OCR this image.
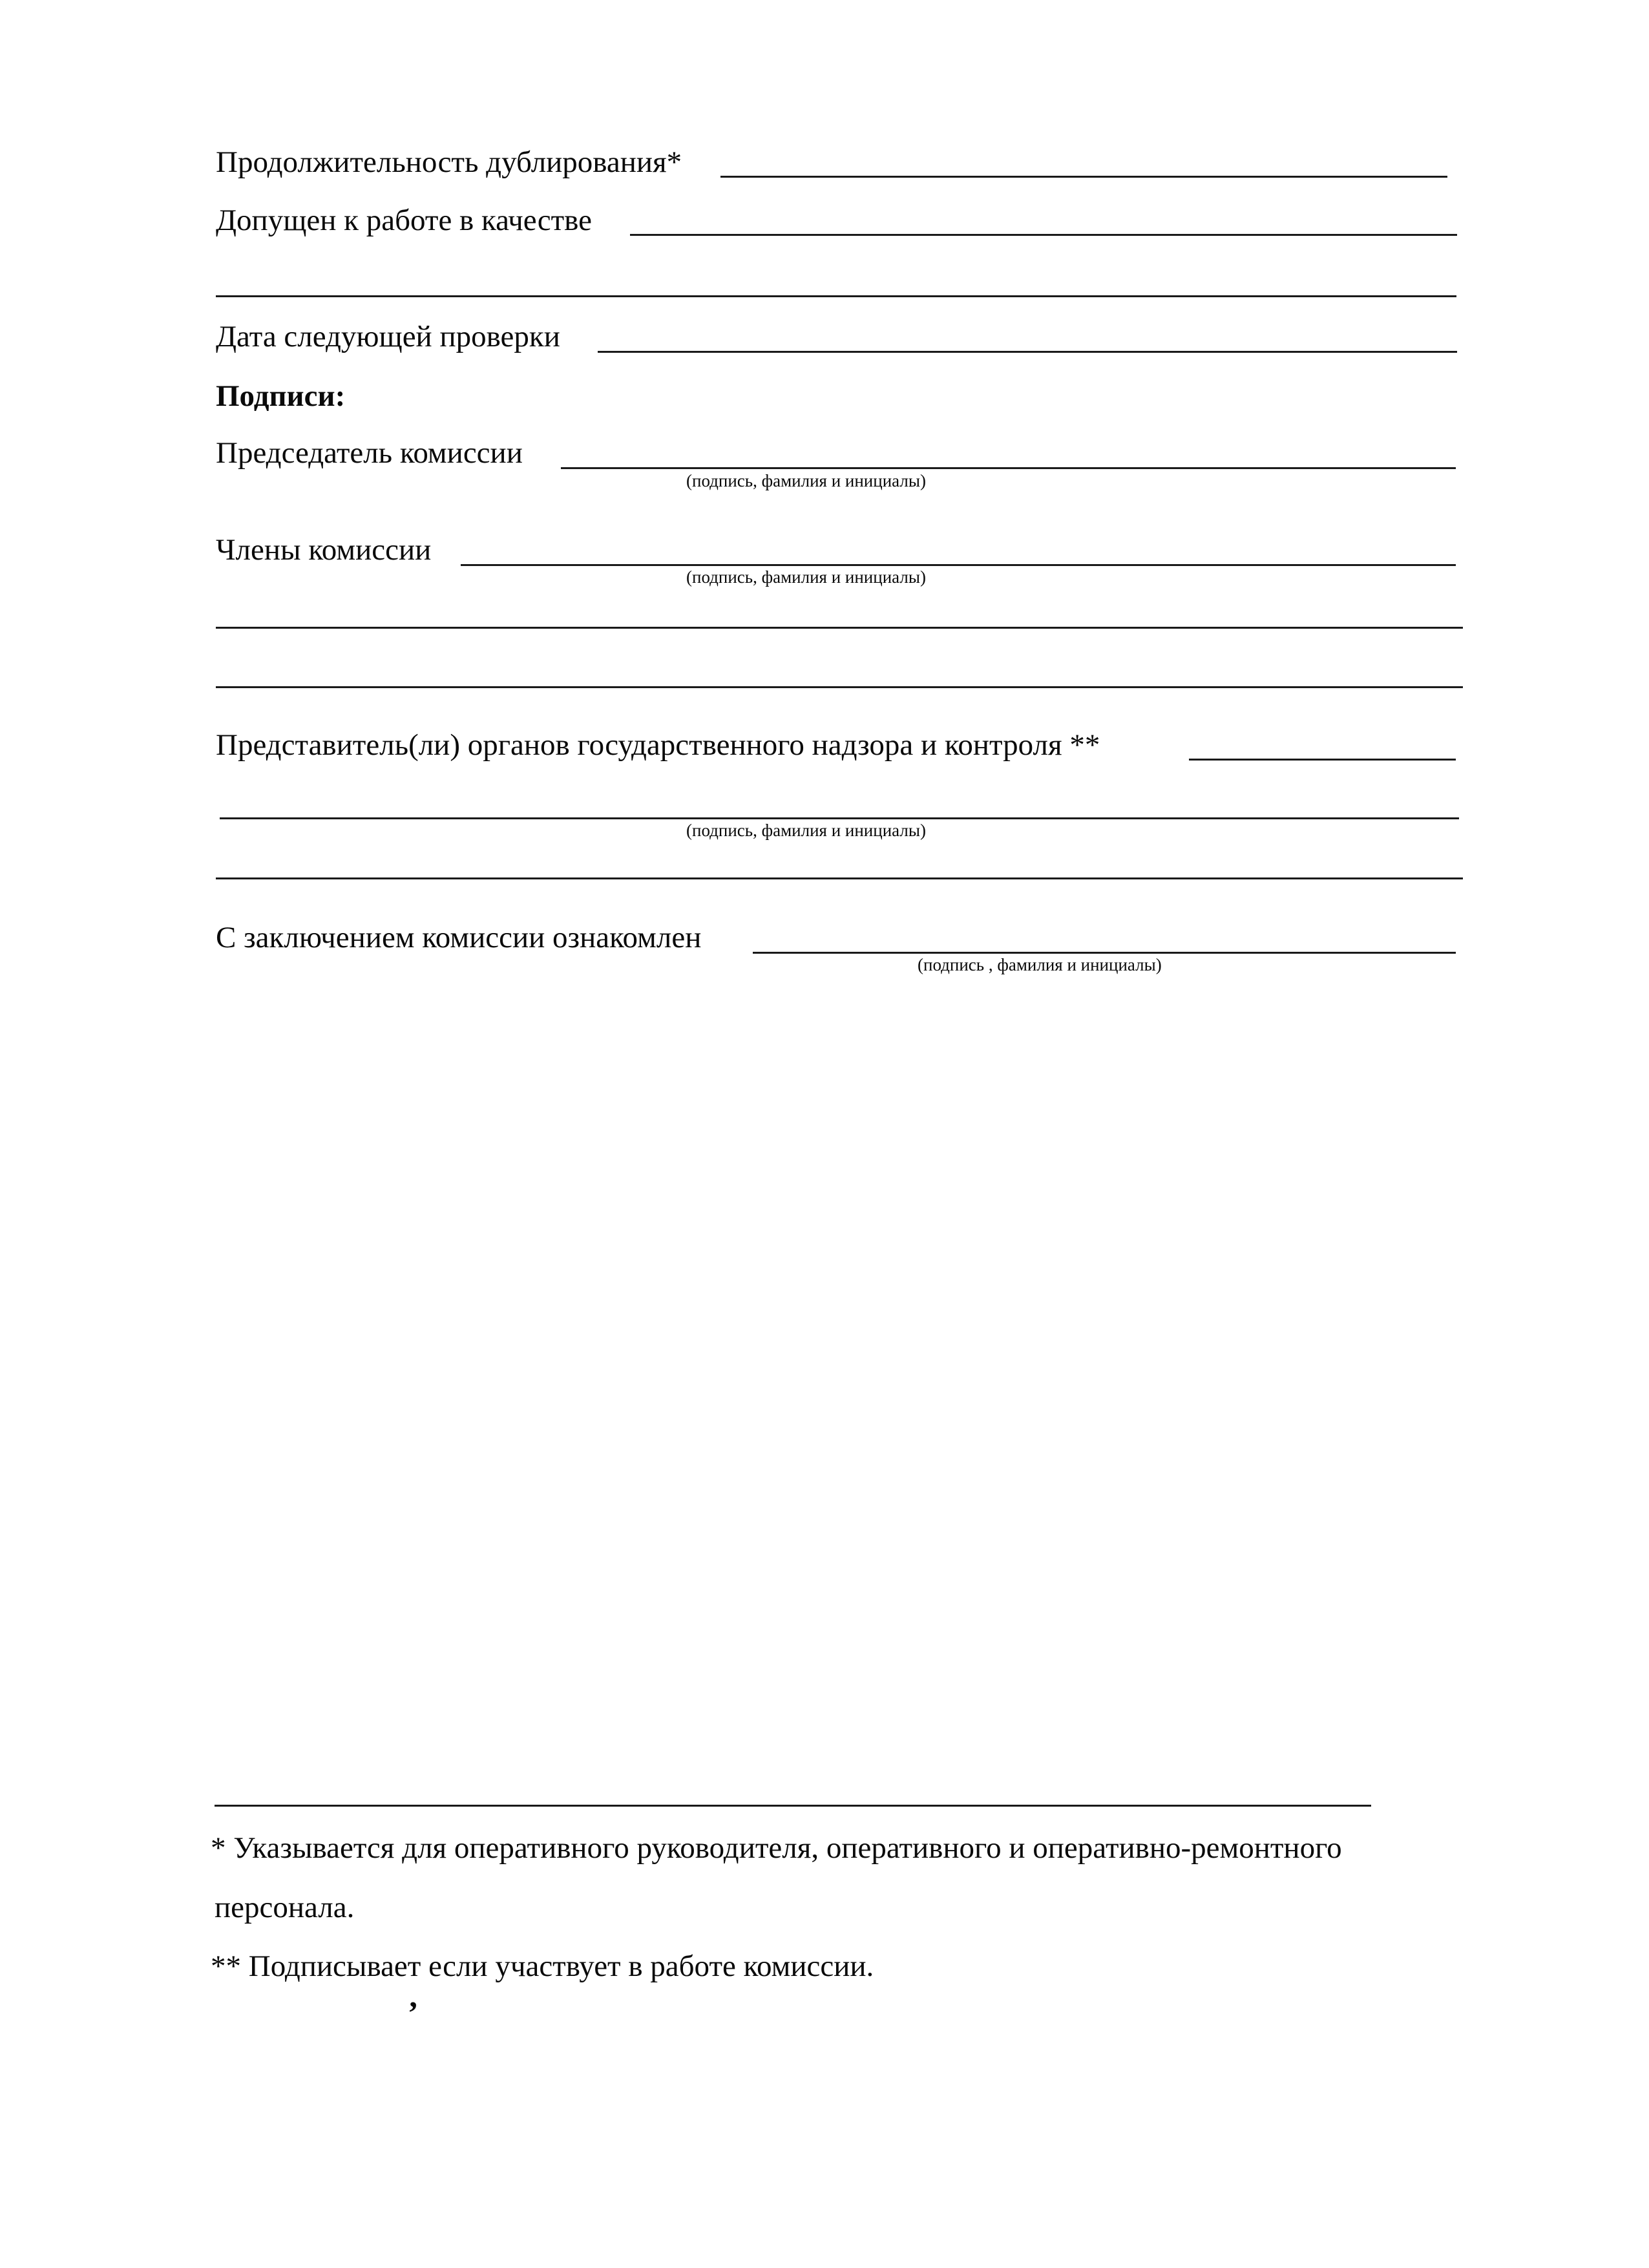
Продолжительность дублирования*
Допущен к работе в качестве
Дата следующей проверки
Подписи:
Председатель комиссии
(подпись, фамилия и инициалы)
Члены комиссии
(подпись, фамилия и инициалы)
Представитель(ли) органов государственного надзора и контроля **
(подпись, фамилия и инициалы)
С заключением комиссии ознакомлен
(подпись , фамилия и инициалы)
* Указывается для оперативного руководителя, оперативного и оперативно-ремонтного
персонала.
** Подписывает
,
если участвует в работе комиссии.
